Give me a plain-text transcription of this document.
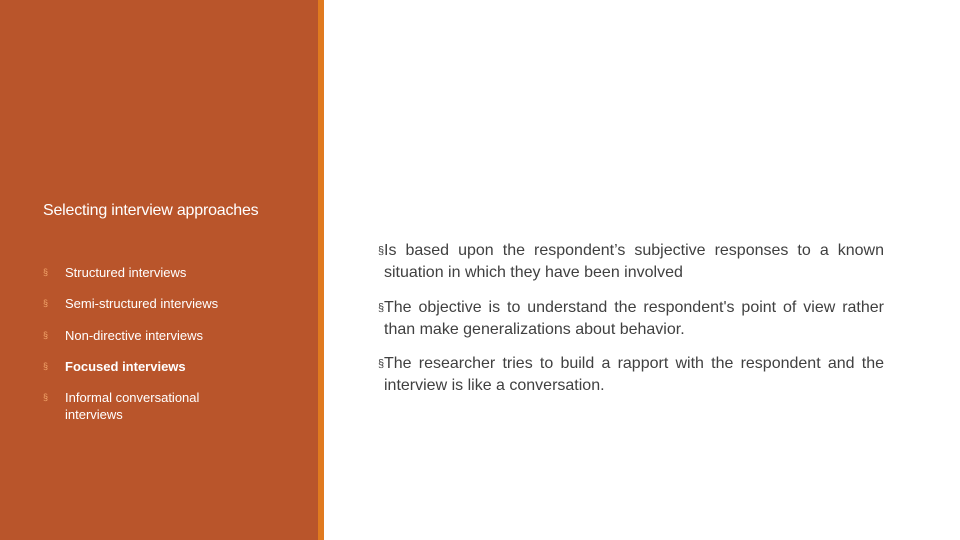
Selecting interview approaches
§	Structured interviews
§	Semi-structured interviews
§	Non-directive interviews
§	Focused interviews
§	Informal conversational interviews
§ Is based upon the respondent’s subjective responses to a known situation in which they have been involved
§ The objective is to understand the respondent's point of view rather than make generalizations about behavior.
§ The researcher tries to build a rapport with the respondent and the interview is like a conversation.
